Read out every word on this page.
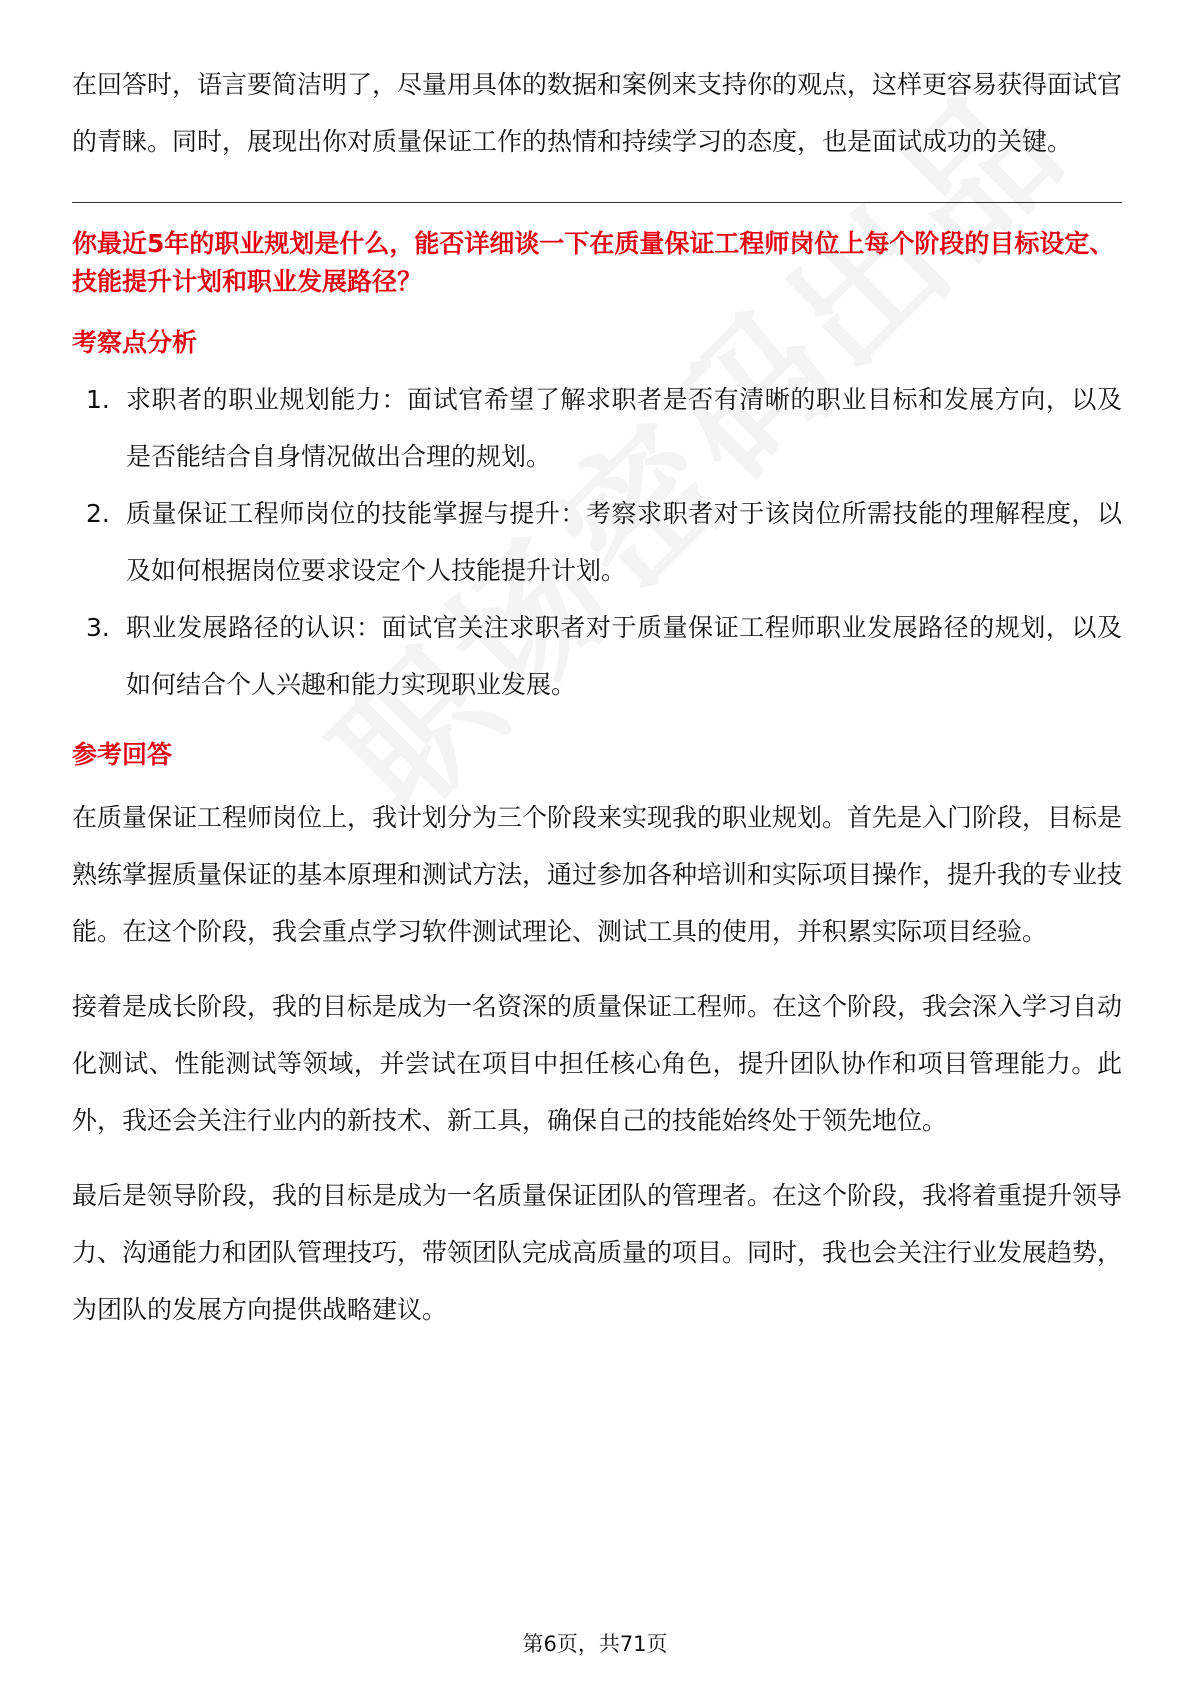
在回答时，语言要简洁明了，尽量用具体的数据和案例来支持你的观点，这样更容易获得面试官的青睐。同时，展现出你对质量保证工作的热情和持续学习的态度，也是面试成功的关键。

你最近5年的职业规划是什么，能否详细谈一下在质量保证工程师岗位上每个阶段的目标设定、技能提升计划和职业发展路径？
考察点分析
1. 求职者的职业规划能力：面试官希望了解求职者是否有清晰的职业目标和发展方向，以及是否能结合自身情况做出合理的规划。
2. 质量保证工程师岗位的技能掌握与提升：考察求职者对于该岗位所需技能的理解程度，以及如何根据岗位要求设定个人技能提升计划。
3. 职业发展路径的认识：面试官关注求职者对于质量保证工程师职业发展路径的规划，以及如何结合个人兴趣和能力实现职业发展。
参考回答

在质量保证工程师岗位上，我计划分为三个阶段来实现我的职业规划。首先是入门阶段，目标是熟练掌握质量保证的基本原理和测试方法，通过参加各种培训和实际项目操作，提升我的专业技能。在这个阶段，我会重点学习软件测试理论、测试工具的使用，并积累实际项目经验。

接着是成长阶段，我的目标是成为一名资深的质量保证工程师。在这个阶段，我会深入学习自动化测试、性能测试等领域，并尝试在项目中担任核心角色，提升团队协作和项目管理能力。此外，我还会关注行业内的新技术、新工具，确保自己的技能始终处于领先地位。

最后是领导阶段，我的目标是成为一名质量保证团队的管理者。在这个阶段，我将着重提升领导力、沟通能力和团队管理技巧，带领团队完成高质量的项目。同时，我也会关注行业发展趋势，为团队的发展方向提供战略建议。

第6页，共71页
